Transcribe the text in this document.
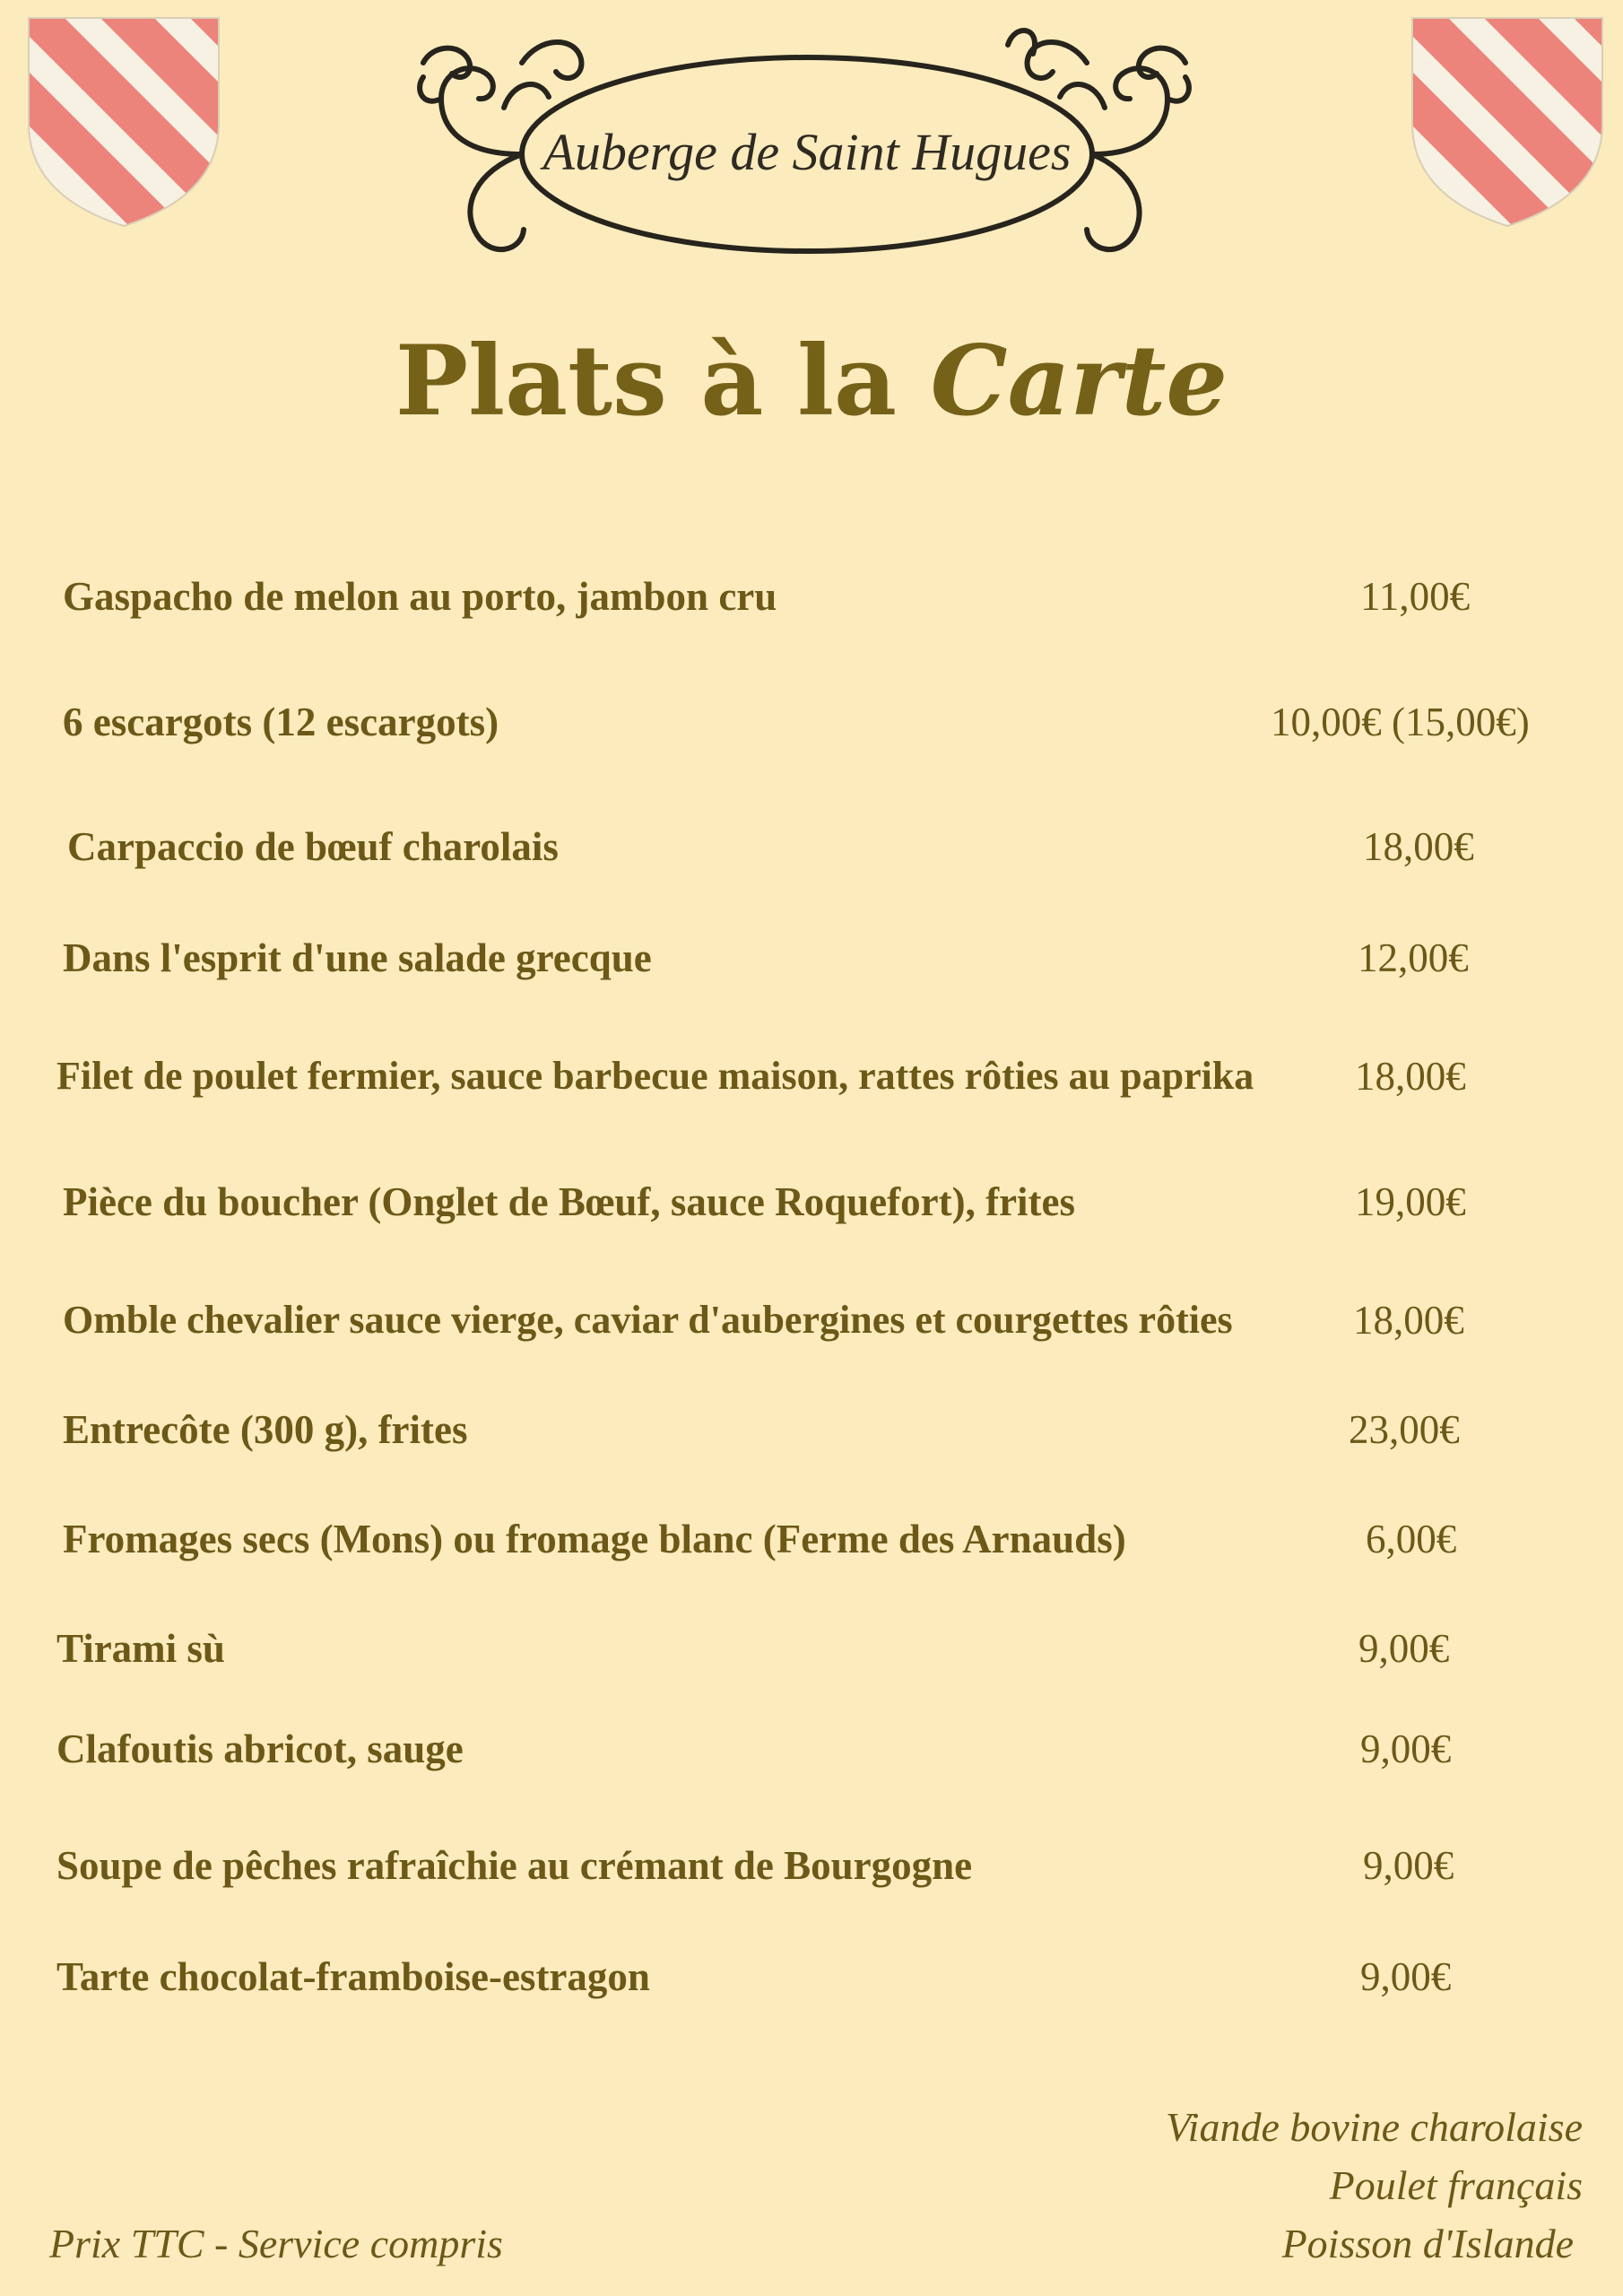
Auberge de Saint Hugues
Plats à la Carte
Gaspacho de melon au porto, jambon cru	11,00€
6 escargots (12 escargots)	10,00€ (15,00€)
Carpaccio de bœuf charolais	18,00€
Dans l'esprit d'une salade grecque	12,00€
Filet de poulet fermier, sauce barbecue maison, rattes rôties au paprika	18,00€
Pièce du boucher (Onglet de Bœuf, sauce Roquefort), frites	19,00€
Omble chevalier sauce vierge, caviar d'aubergines et courgettes rôties	18,00€
Entrecôte (300 g), frites	23,00€
Fromages secs (Mons) ou fromage blanc (Ferme des Arnauds)	6,00€
Tirami sù	9,00€
Clafoutis abricot, sauge	9,00€
Soupe de pêches rafraîchie au crémant de Bourgogne	9,00€
Tarte chocolat-framboise-estragon	9,00€
Prix TTC - Service compris
Viande bovine charolaise
Poulet français
Poisson d'Islande
